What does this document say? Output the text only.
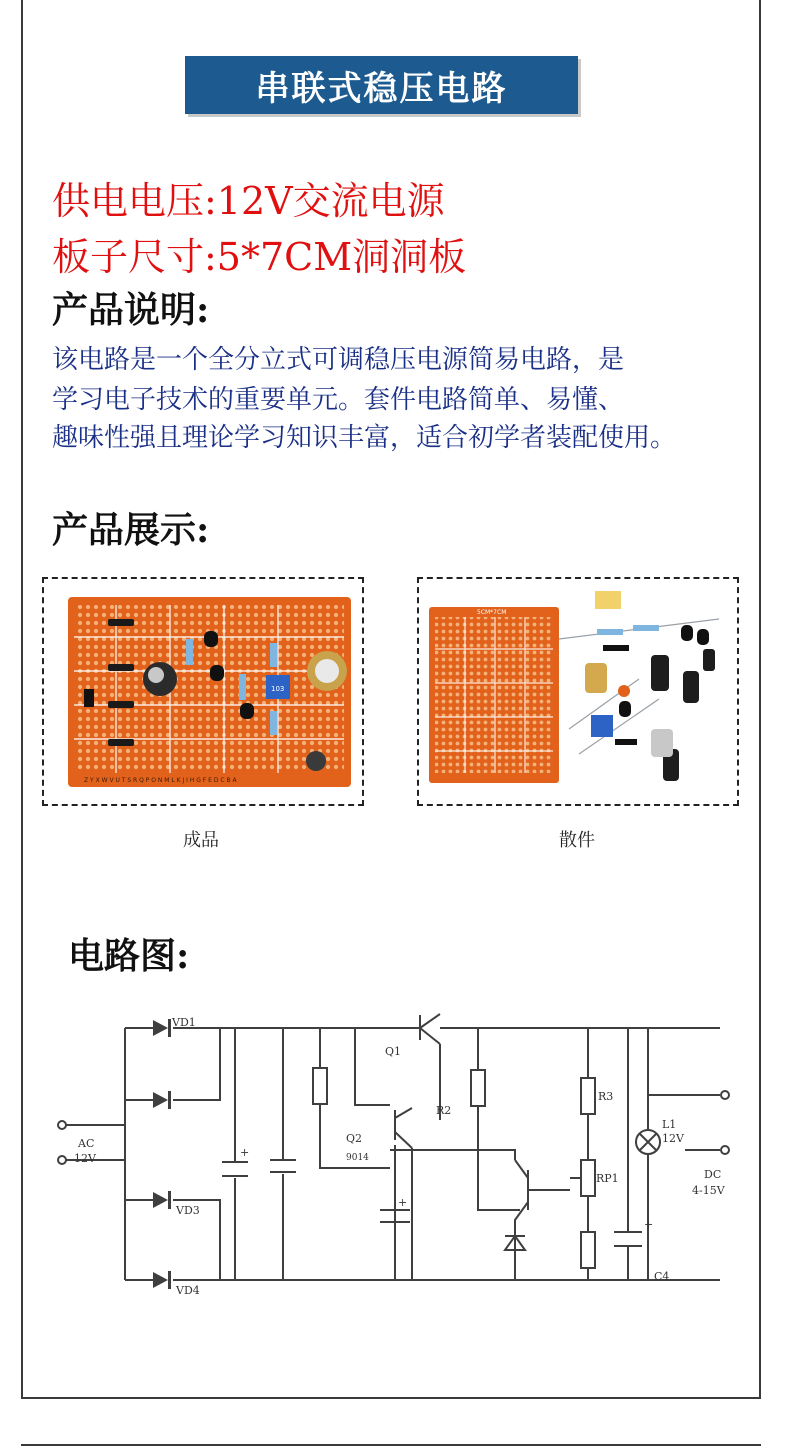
串联式稳压电路
供电电压:12V交流电源
板子尺寸:5*7CM洞洞板
产品说明:
该电路是一个全分立式可调稳压电源简易电路，是
学习电子技术的重要单元。套件电路简单、易懂、
趣味性强且理论学习知识丰富，适合初学者装配使用。
产品展示:
Z Y X W V U T S R Q P O N M L K J I H G F E D C B A
103
成品
5CM*7CM
散件
电路图:
VD1
VD3
VD4
Q1
Q2
9014
R2
R3
RP1
L1
12V
AC
12V
DC
4-15V
C4
+
+
+
